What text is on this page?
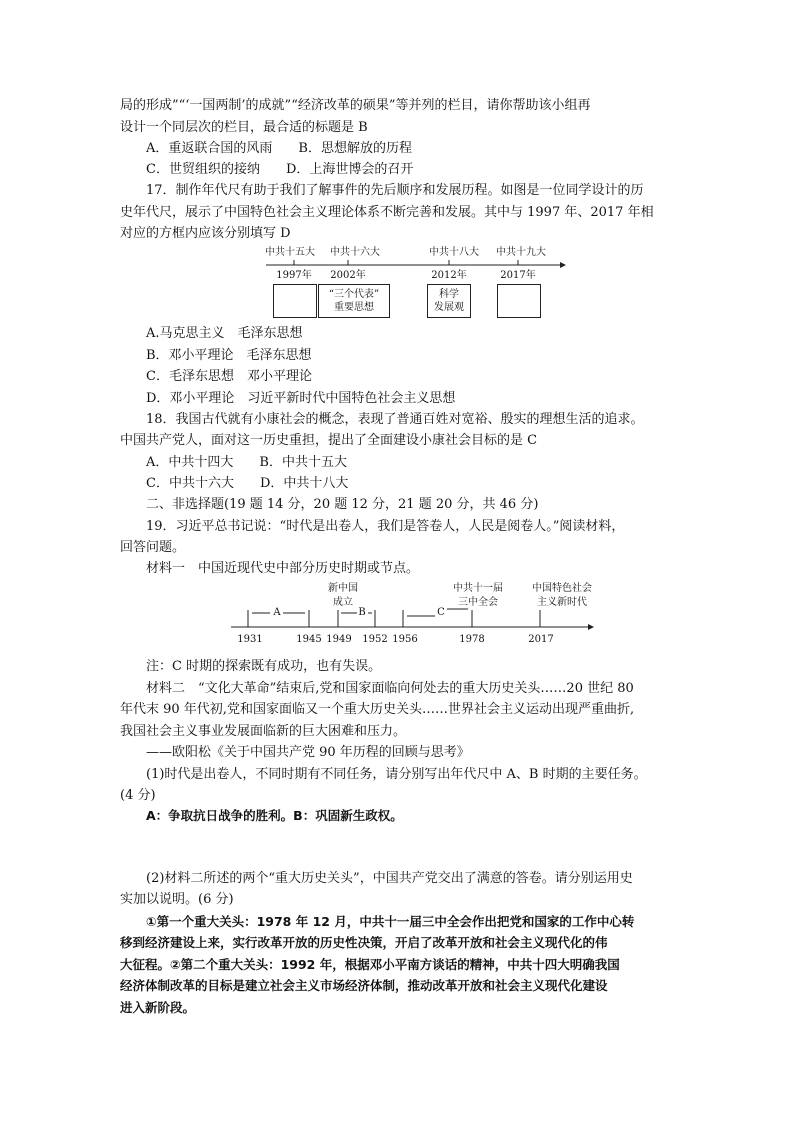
局的形成”“‘一国两制’的成就”“经济改革的硕果”等并列的栏目，请你帮助该小组再
设计一个同层次的栏目，最合适的标题是 B
A．重返联合国的风雨　　B．思想解放的历程
C．世贸组织的接纳　　D．上海世博会的召开
17．制作年代尺有助于我们了解事件的先后顺序和发展历程。如图是一位同学设计的历
史年代尺，展示了中国特色社会主义理论体系不断完善和发展。其中与 1997 年、2017 年相
对应的方框内应该分别填写 D
中共十五大 中共十六大	中共十八大 中共十九大
1997年 2002年	2012年	2017年
“三个代表”
重要思想
科学
发展观
A.马克思主义　毛泽东思想
B．邓小平理论　毛泽东思想
C．毛泽东思想　邓小平理论
D．邓小平理论　习近平新时代中国特色社会主义思想
18．我国古代就有小康社会的概念，表现了普通百姓对宽裕、殷实的理想生活的追求。
中国共产党人，面对这一历史重担，提出了全面建设小康社会目标的是 C
A．中共十四大　　B．中共十五大
C．中共十六大　　D．中共十八大
二、非选择题(19 题 14 分，20 题 12 分，21 题 20 分，共 46 分)
19．习近平总书记说：“时代是出卷人，我们是答卷人，人民是阅卷人。”阅读材料，
回答问题。
材料一　中国近现代史中部分历史时期或节点。
A	B	C
新中国
成立
中共十一届
三中全会
中国特色社会
主义新时代
1931	1945 1949 1952 1956	1978	2017
注：C 时期的探索既有成功，也有失误。
材料二　“文化大革命”结束后,党和国家面临向何处去的重大历史关头……20 世纪 80
年代末 90 年代初,党和国家面临又一个重大历史关头……世界社会主义运动出现严重曲折,
我国社会主义事业发展面临新的巨大困难和压力。
——欧阳松《关于中国共产党 90 年历程的回顾与思考》
(1)时代是出卷人，不同时期有不同任务，请分别写出年代尺中 A、B 时期的主要任务。
(4 分)
A：争取抗日战争的胜利。B：巩固新生政权。
(2)材料二所述的两个“重大历史关头”，中国共产党交出了满意的答卷。请分别运用史
实加以说明。(6 分)
①第一个重大关头：1978 年 12 月，中共十一届三中全会作出把党和国家的工作中心转
移到经济建设上来，实行改革开放的历史性决策，开启了改革开放和社会主义现代化的伟
大征程。②第二个重大关头：1992 年，根据邓小平南方谈话的精神，中共十四大明确我国
经济体制改革的目标是建立社会主义市场经济体制，推动改革开放和社会主义现代化建设
进入新阶段。
